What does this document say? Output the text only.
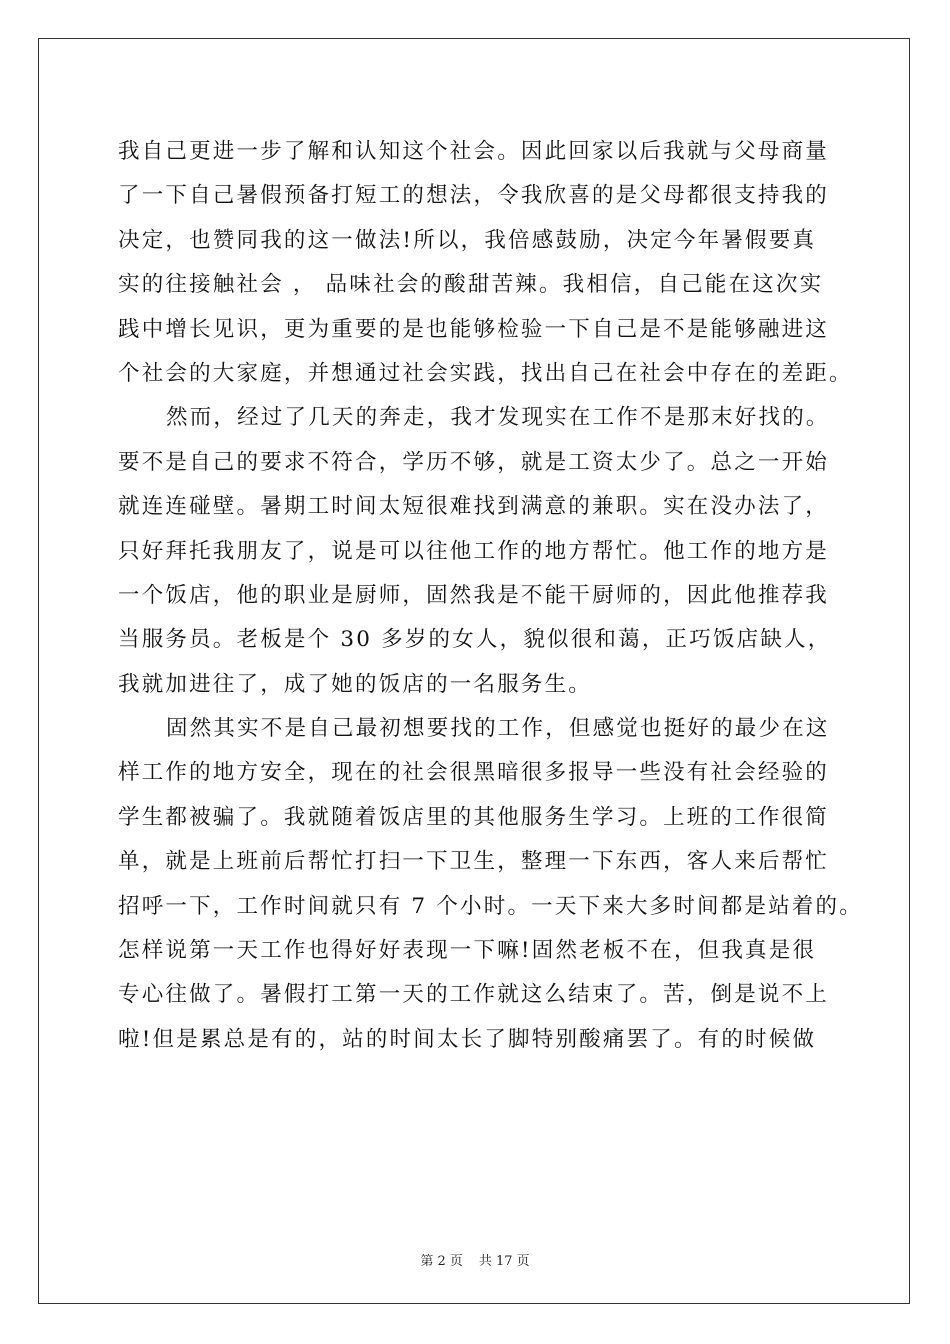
我自己更进一步了解和认知这个社会。因此回家以后我就与父母商量
了一下自己暑假预备打短工的想法，令我欣喜的是父母都很支持我的
决定，也赞同我的这一做法!所以，我倍感鼓励，决定今年暑假要真
实的往接触社会 ， 品味社会的酸甜苦辣。我相信，自己能在这次实
践中增长见识，更为重要的是也能够检验一下自己是不是能够融进这
个社会的大家庭，并想通过社会实践，找出自己在社会中存在的差距。
然而，经过了几天的奔走，我才发现实在工作不是那末好找的。
要不是自己的要求不符合，学历不够，就是工资太少了。总之一开始
就连连碰壁。暑期工时间太短很难找到满意的兼职。实在没办法了，
只好拜托我朋友了，说是可以往他工作的地方帮忙。他工作的地方是
一个饭店，他的职业是厨师，固然我是不能干厨师的，因此他推荐我
当服务员。老板是个 30 多岁的女人，貌似很和蔼，正巧饭店缺人，
我就加进往了，成了她的饭店的一名服务生。
固然其实不是自己最初想要找的工作，但感觉也挺好的最少在这
样工作的地方安全，现在的社会很黑暗很多报导一些没有社会经验的
学生都被骗了。我就随着饭店里的其他服务生学习。上班的工作很简
单，就是上班前后帮忙打扫一下卫生，整理一下东西，客人来后帮忙
招呼一下，工作时间就只有 7 个小时。一天下来大多时间都是站着的。
怎样说第一天工作也得好好表现一下嘛!固然老板不在，但我真是很
专心往做了。暑假打工第一天的工作就这么结束了。苦，倒是说不上
啦!但是累总是有的，站的时间太长了脚特别酸痛罢了。有的时候做
第 2 页 共 17 页
